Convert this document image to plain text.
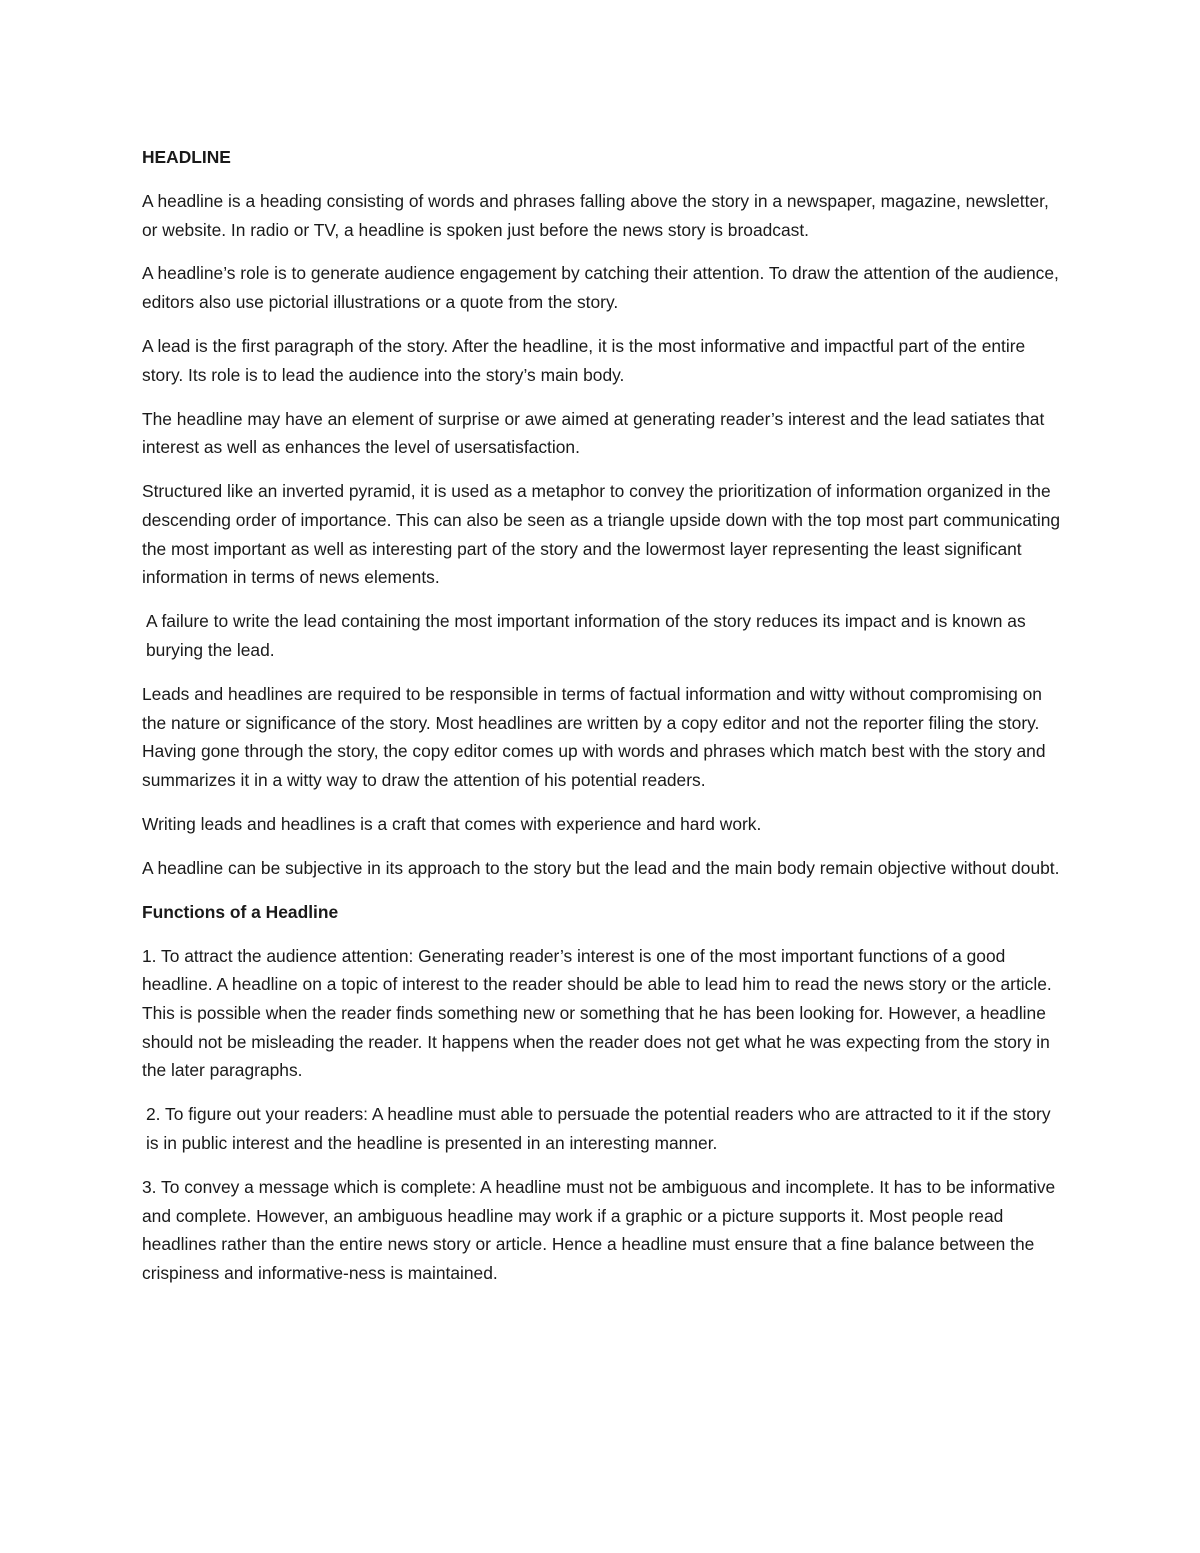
HEADLINE

A headline is a heading consisting of words and phrases falling above the story in a newspaper, magazine, newsletter, or website. In radio or TV, a headline is spoken just before the news story is broadcast.

A headline’s role is to generate audience engagement by catching their attention. To draw the attention of the audience, editors also use pictorial illustrations or a quote from the story.

A lead is the first paragraph of the story. After the headline, it is the most informative and impactful part of the entire story. Its role is to lead the audience into the story’s main body.

The headline may have an element of surprise or awe aimed at generating reader’s interest and the lead satiates that interest as well as enhances the level of usersatisfaction.

Structured like an inverted pyramid, it is used as a metaphor to convey the prioritization of information organized in the descending order of importance. This can also be seen as a triangle upside down with the top most part communicating the most important as well as interesting part of the story and the lowermost layer representing the least significant information in terms of news elements.

A failure to write the lead containing the most important information of the story reduces its impact and is known as burying the lead.

Leads and headlines are required to be responsible in terms of factual information and witty without compromising on the nature or significance of the story. Most headlines are written by a copy editor and not the reporter filing the story. Having gone through the story, the copy editor comes up with words and phrases which match best with the story and summarizes it in a witty way to draw the attention of his potential readers.

Writing leads and headlines is a craft that comes with experience and hard work.

A headline can be subjective in its approach to the story but the lead and the main body remain objective without doubt.

Functions of a Headline

1. To attract the audience attention: Generating reader’s interest is one of the most important functions of a good headline. A headline on a topic of interest to the reader should be able to lead him to read the news story or the article. This is possible when the reader finds something new or something that he has been looking for. However, a headline should not be misleading the reader. It happens when the reader does not get what he was expecting from the story in the later paragraphs.

2. To figure out your readers: A headline must able to persuade the potential readers who are attracted to it if the story is in public interest and the headline is presented in an interesting manner.

3. To convey a message which is complete: A headline must not be ambiguous and incomplete. It has to be informative and complete. However, an ambiguous headline may work if a graphic or a picture supports it. Most people read headlines rather than the entire news story or article. Hence a headline must ensure that a fine balance between the crispiness and informative-ness is maintained.
